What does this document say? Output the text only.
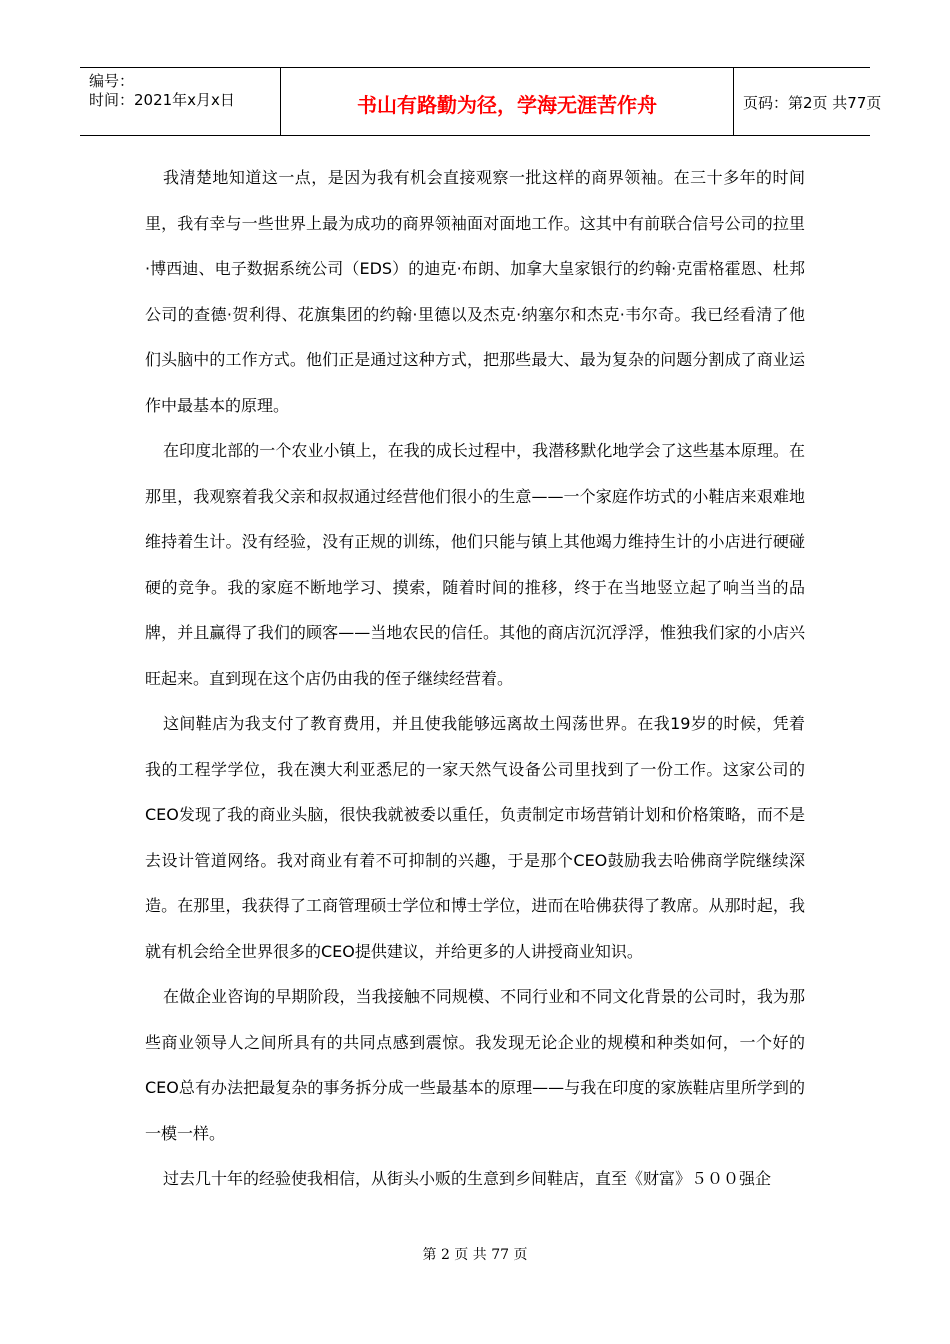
编号：
时间：2021年x月x日	书山有路勤为径，学海无涯苦作舟	页码：第2页 共77页

我清楚地知道这一点，是因为我有机会直接观察一批这样的商界领袖。在三十多年的时间里，我有幸与一些世界上最为成功的商界领袖面对面地工作。这其中有前联合信号公司的拉里·博西迪、电子数据系统公司（EDS）的迪克·布朗、加拿大皇家银行的约翰·克雷格霍恩、杜邦公司的查德·贺利得、花旗集团的约翰·里德以及杰克·纳塞尔和杰克·韦尔奇。我已经看清了他们头脑中的工作方式。他们正是通过这种方式，把那些最大、最为复杂的问题分割成了商业运作中最基本的原理。

在印度北部的一个农业小镇上，在我的成长过程中，我潜移默化地学会了这些基本原理。在那里，我观察着我父亲和叔叔通过经营他们很小的生意——一个家庭作坊式的小鞋店来艰难地维持着生计。没有经验，没有正规的训练，他们只能与镇上其他竭力维持生计的小店进行硬碰硬的竞争。我的家庭不断地学习、摸索，随着时间的推移，终于在当地竖立起了响当当的品牌，并且赢得了我们的顾客——当地农民的信任。其他的商店沉沉浮浮，惟独我们家的小店兴旺起来。直到现在这个店仍由我的侄子继续经营着。

这间鞋店为我支付了教育费用，并且使我能够远离故土闯荡世界。在我19岁的时候，凭着我的工程学学位，我在澳大利亚悉尼的一家天然气设备公司里找到了一份工作。这家公司的CEO发现了我的商业头脑，很快我就被委以重任，负责制定市场营销计划和价格策略，而不是去设计管道网络。我对商业有着不可抑制的兴趣，于是那个CEO鼓励我去哈佛商学院继续深造。在那里，我获得了工商管理硕士学位和博士学位，进而在哈佛获得了教席。从那时起，我就有机会给全世界很多的CEO提供建议，并给更多的人讲授商业知识。

在做企业咨询的早期阶段，当我接触不同规模、不同行业和不同文化背景的公司时，我为那些商业领导人之间所具有的共同点感到震惊。我发现无论企业的规模和种类如何，一个好的CEO总有办法把最复杂的事务拆分成一些最基本的原理——与我在印度的家族鞋店里所学到的一模一样。

过去几十年的经验使我相信，从街头小贩的生意到乡间鞋店，直至《财富》５００强企

第 2 页 共 77 页
